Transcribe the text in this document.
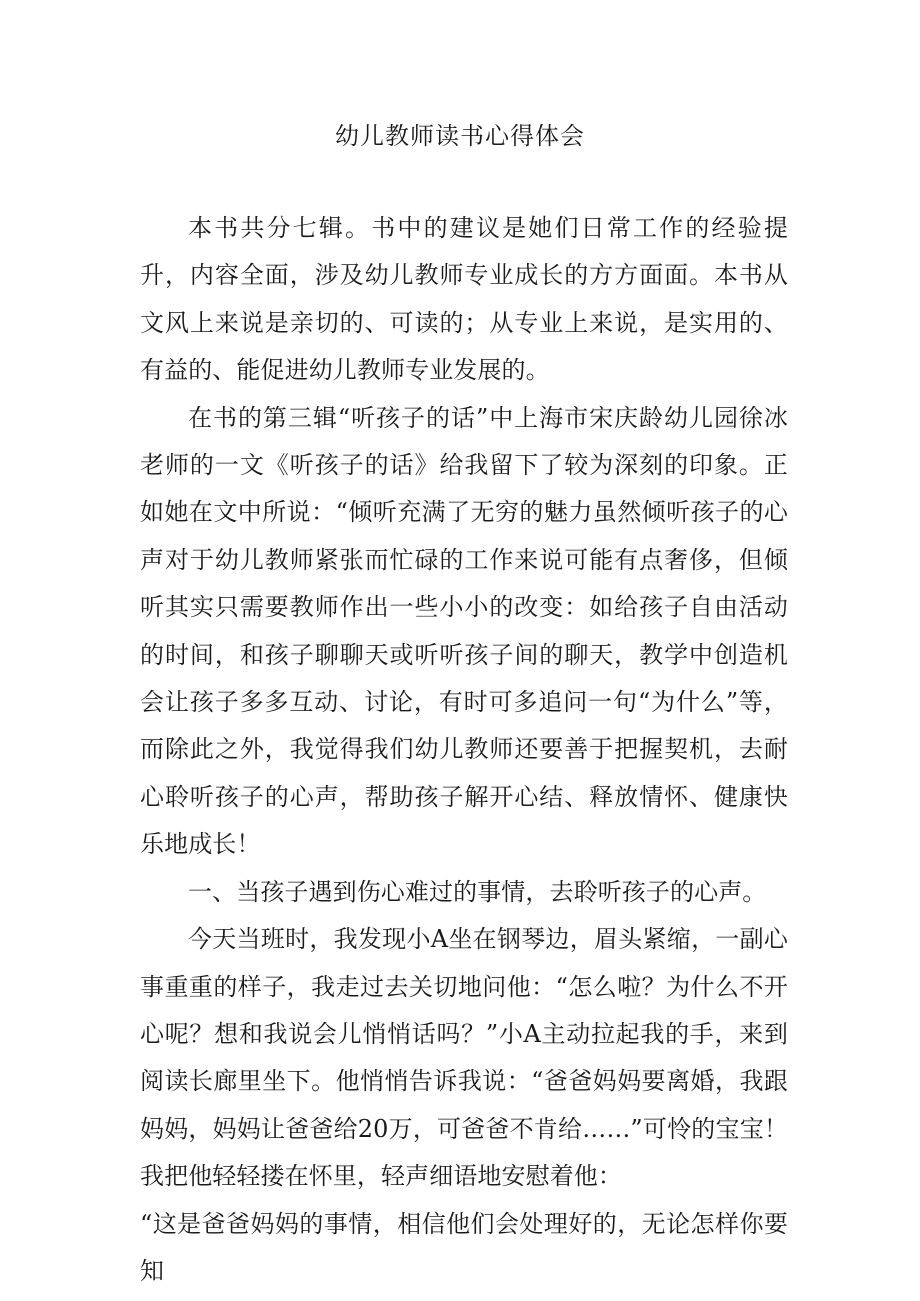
幼儿教师读书心得体会

本书共分七辑。书中的建议是她们日常工作的经验提升，内容全面，涉及幼儿教师专业成长的方方面面。本书从文风上来说是亲切的、可读的；从专业上来说，是实用的、有益的、能促进幼儿教师专业发展的。

在书的第三辑“听孩子的话”中上海市宋庆龄幼儿园徐冰老师的一文《听孩子的话》给我留下了较为深刻的印象。正如她在文中所说：“倾听充满了无穷的魅力虽然倾听孩子的心声对于幼儿教师紧张而忙碌的工作来说可能有点奢侈，但倾听其实只需要教师作出一些小小的改变：如给孩子自由活动的时间，和孩子聊聊天或听听孩子间的聊天，教学中创造机会让孩子多多互动、讨论，有时可多追问一句“为什么”等，而除此之外，我觉得我们幼儿教师还要善于把握契机，去耐心聆听孩子的心声，帮助孩子解开心结、释放情怀、健康快乐地成长！

一、当孩子遇到伤心难过的事情，去聆听孩子的心声。

今天当班时，我发现小A坐在钢琴边，眉头紧缩，一副心事重重的样子，我走过去关切地问他：“怎么啦？为什么不开心呢？想和我说会儿悄悄话吗？”小A主动拉起我的手，来到阅读长廊里坐下。他悄悄告诉我说：“爸爸妈妈要离婚，我跟妈妈，妈妈让爸爸给20万，可爸爸不肯给……”可怜的宝宝！我把他轻轻搂在怀里，轻声细语地安慰着他：

“这是爸爸妈妈的事情，相信他们会处理好的，无论怎样你要知
